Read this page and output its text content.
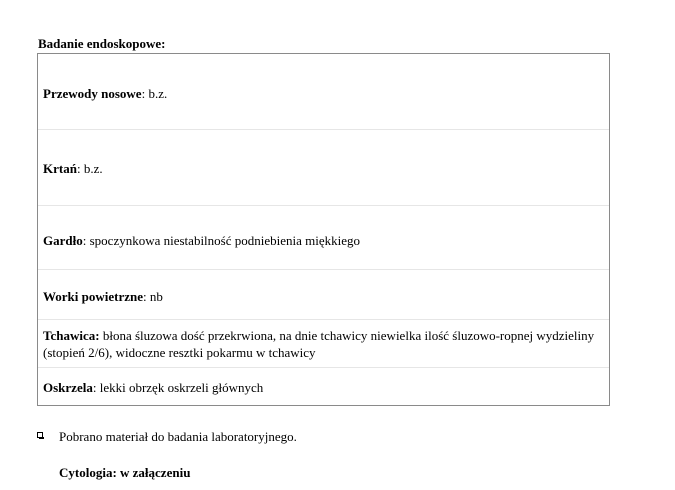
Badanie endoskopowe:
Przewody nosowe: b.z.
Krtań: b.z.
Gardło: spoczynkowa niestabilność podniebienia miękkiego
Worki powietrzne: nb
Tchawica: błona śluzowa dość przekrwiona, na dnie tchawicy niewielka ilość śluzowo-ropnej wydzieliny (stopień 2/6), widoczne resztki pokarmu w tchawicy
Oskrzela: lekki obrzęk oskrzeli głównych
Pobrano materiał do badania laboratoryjnego.
Cytologia: w załączeniu
